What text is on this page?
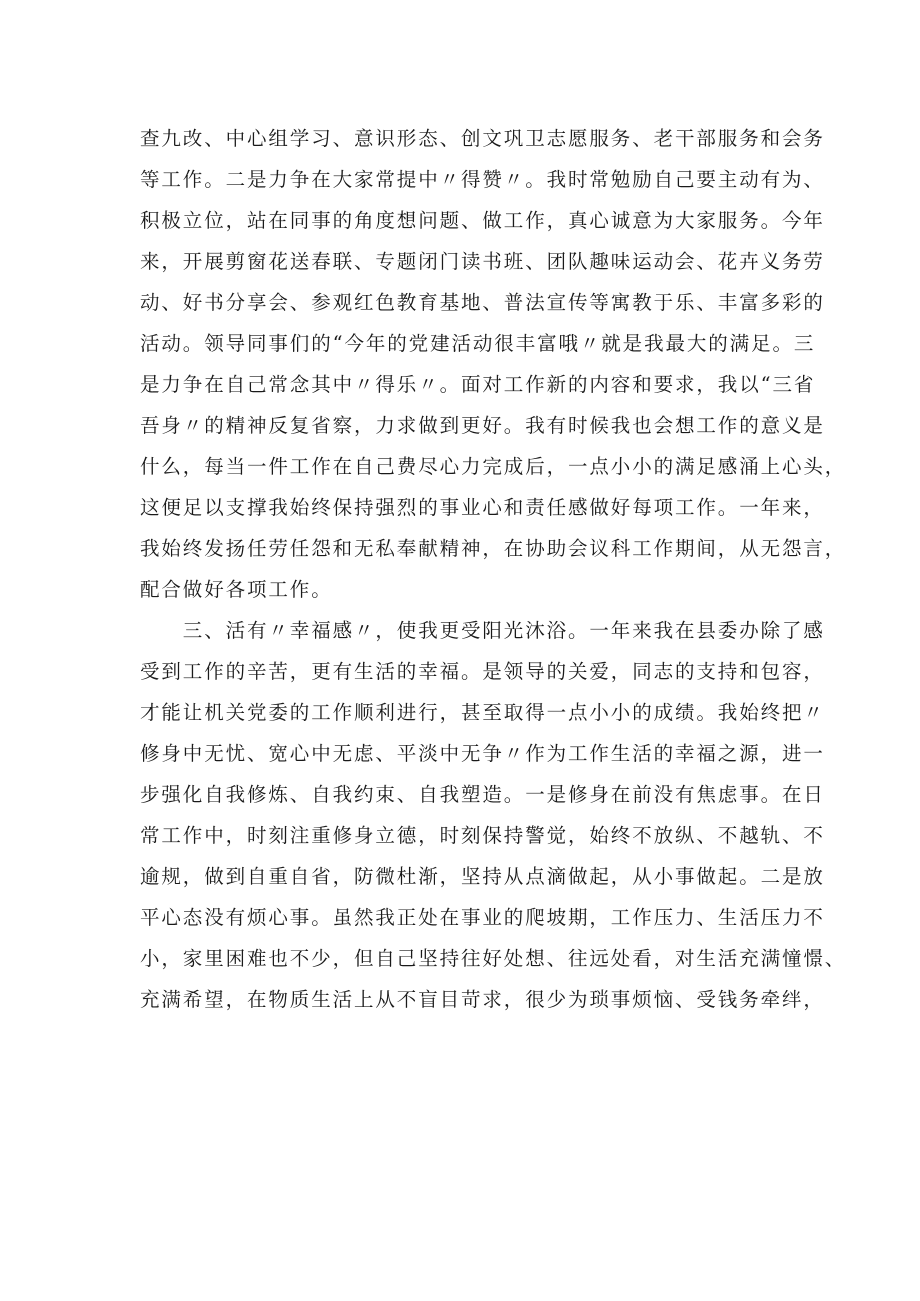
查九改、中心组学习、意识形态、创文巩卫志愿服务、老干部服务和会务

等工作。二是力争在大家常提中〃得赞〃。我时常勉励自己要主动有为、

积极立位，站在同事的角度想问题、做工作，真心诚意为大家服务。今年

来，开展剪窗花送春联、专题闭门读书班、团队趣味运动会、花卉义务劳

动、好书分享会、参观红色教育基地、普法宣传等寓教于乐、丰富多彩的

活动。领导同事们的“今年的党建活动很丰富哦〃就是我最大的满足。三

是力争在自己常念其中〃得乐〃。面对工作新的内容和要求，我以“三省

吾身〃的精神反复省察，力求做到更好。我有时候我也会想工作的意义是

什么，每当一件工作在自己费尽心力完成后，一点小小的满足感涌上心头，

这便足以支撑我始终保持强烈的事业心和责任感做好每项工作。一年来，

我始终发扬任劳任怨和无私奉献精神，在协助会议科工作期间，从无怨言，

配合做好各项工作。

　　三、活有〃幸福感〃，使我更受阳光沐浴。一年来我在县委办除了感

受到工作的辛苦，更有生活的幸福。是领导的关爱，同志的支持和包容，

才能让机关党委的工作顺利进行，甚至取得一点小小的成绩。我始终把〃

修身中无忧、宽心中无虑、平淡中无争〃作为工作生活的幸福之源，进一

步强化自我修炼、自我约束、自我塑造。一是修身在前没有焦虑事。在日

常工作中，时刻注重修身立德，时刻保持警觉，始终不放纵、不越轨、不

逾规，做到自重自省，防微杜渐，坚持从点滴做起，从小事做起。二是放

平心态没有烦心事。虽然我正处在事业的爬坡期，工作压力、生活压力不

小，家里困难也不少，但自己坚持往好处想、往远处看，对生活充满憧憬、

充满希望，在物质生活上从不盲目苛求，很少为琐事烦恼、受钱务牵绊，
